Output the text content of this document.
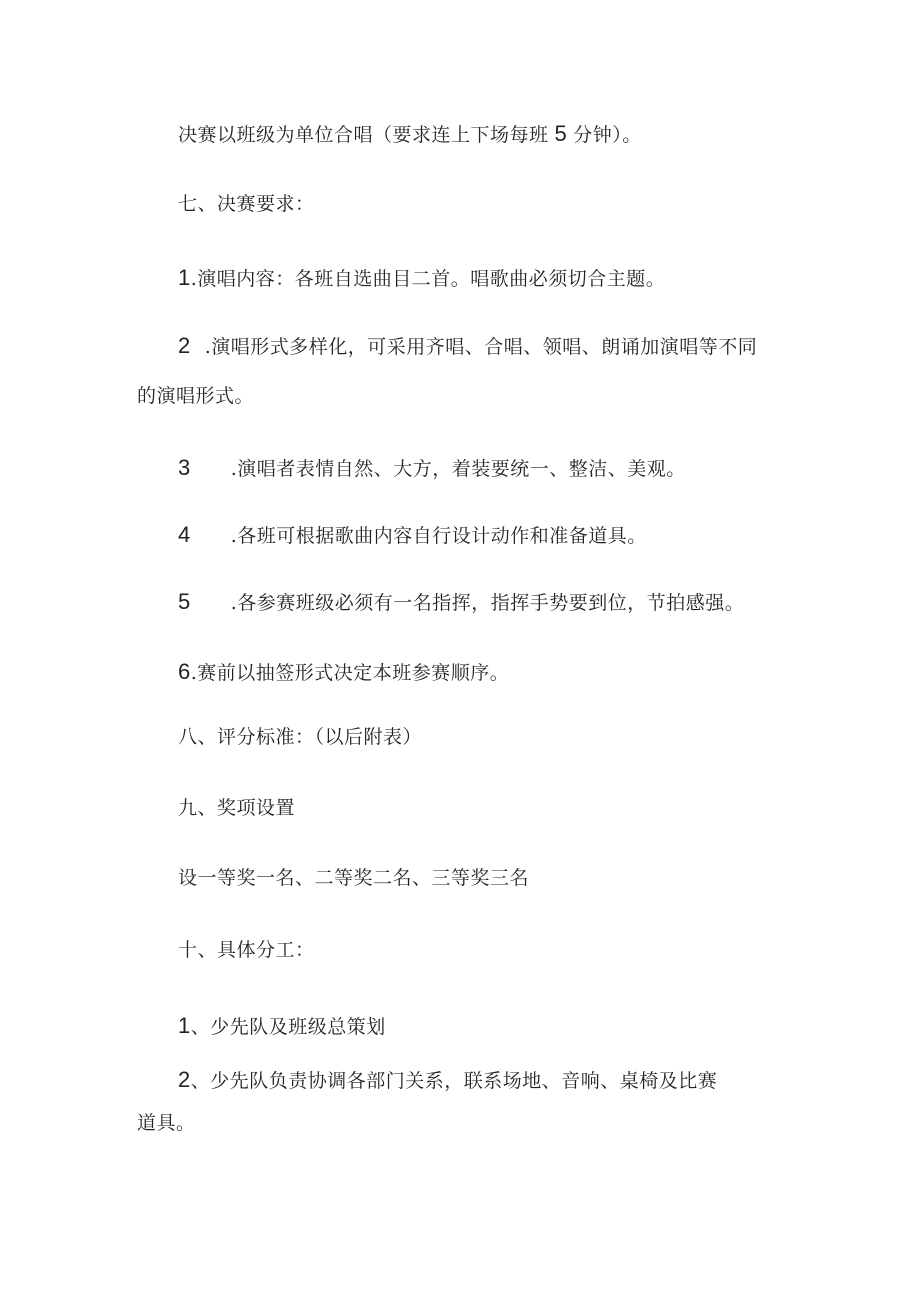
决赛以班级为单位合唱（要求连上下场每班 5 分钟）。
七、决赛要求：
1.演唱内容：各班自选曲目二首。唱歌曲必须切合主题。
2 .演唱形式多样化，可采用齐唱、合唱、领唱、朗诵加演唱等不同
的演唱形式。
3 .演唱者表情自然、大方，着装要统一、整洁、美观。
4 .各班可根据歌曲内容自行设计动作和准备道具。
5 .各参赛班级必须有一名指挥，指挥手势要到位，节拍感强。
6.赛前以抽签形式决定本班参赛顺序。
八、评分标准：（以后附表）
九、奖项设置
设一等奖一名、二等奖二名、三等奖三名
十、具体分工：
1、少先队及班级总策划
2、少先队负责协调各部门关系，联系场地、音响、桌椅及比赛
道具。
